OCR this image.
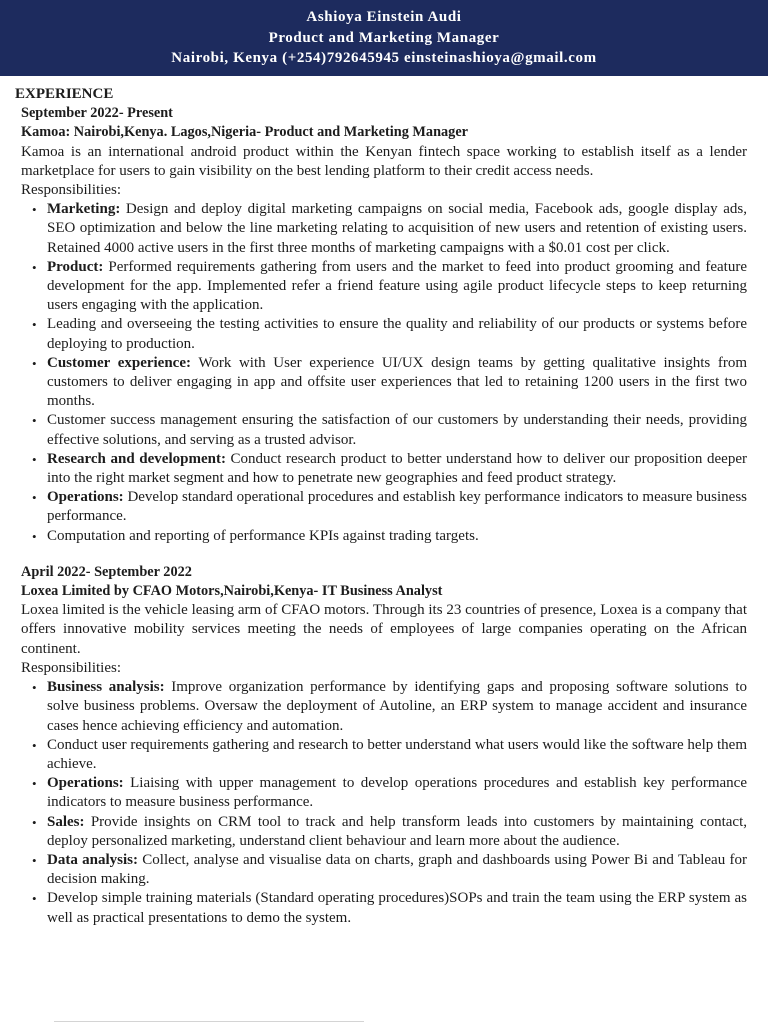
Ashioya Einstein Audi
Product and Marketing Manager
Nairobi, Kenya (+254)792645945 einsteinashioya@gmail.com
EXPERIENCE
September 2022- Present
Kamoa: Nairobi,Kenya. Lagos,Nigeria- Product and Marketing Manager
Kamoa is an international android product within the Kenyan fintech space working to establish itself as a lender marketplace for users to gain visibility on the best lending platform to their credit access needs.
Responsibilities:
• Marketing: Design and deploy digital marketing campaigns on social media, Facebook ads, google display ads, SEO optimization and below the line marketing relating to acquisition of new users and retention of existing users. Retained 4000 active users in the first three months of marketing campaigns with a $0.01 cost per click.
• Product: Performed requirements gathering from users and the market to feed into product grooming and feature development for the app. Implemented refer a friend feature using agile product lifecycle steps to keep returning users engaging with the application.
• Leading and overseeing the testing activities to ensure the quality and reliability of our products or systems before deploying to production.
• Customer experience: Work with User experience UI/UX design teams by getting qualitative insights from customers to deliver engaging in app and offsite user experiences that led to retaining 1200 users in the first two months.
• Customer success management ensuring the satisfaction of our customers by understanding their needs, providing effective solutions, and serving as a trusted advisor.
• Research and development: Conduct research product to better understand how to deliver our proposition deeper into the right market segment and how to penetrate new geographies and feed product strategy.
• Operations: Develop standard operational procedures and establish key performance indicators to measure business performance.
• Computation and reporting of performance KPIs against trading targets.
April 2022- September 2022
Loxea Limited by CFAO Motors,Nairobi,Kenya- IT Business Analyst
Loxea limited is the vehicle leasing arm of CFAO motors. Through its 23 countries of presence, Loxea is a company that offers innovative mobility services meeting the needs of employees of large companies operating on the African continent.
Responsibilities:
• Business analysis: Improve organization performance by identifying gaps and proposing software solutions to solve business problems. Oversaw the deployment of Autoline, an ERP system to manage accident and insurance cases hence achieving efficiency and automation.
• Conduct user requirements gathering and research to better understand what users would like the software help them achieve.
• Operations: Liaising with upper management to develop operations procedures and establish key performance indicators to measure business performance.
• Sales: Provide insights on CRM tool to track and help transform leads into customers by maintaining contact, deploy personalized marketing, understand client behaviour and learn more about the audience.
• Data analysis: Collect, analyse and visualise data on charts, graph and dashboards using Power Bi and Tableau for decision making.
• Develop simple training materials (Standard operating procedures)SOPs and train the team using the ERP system as well as practical presentations to demo the system.
